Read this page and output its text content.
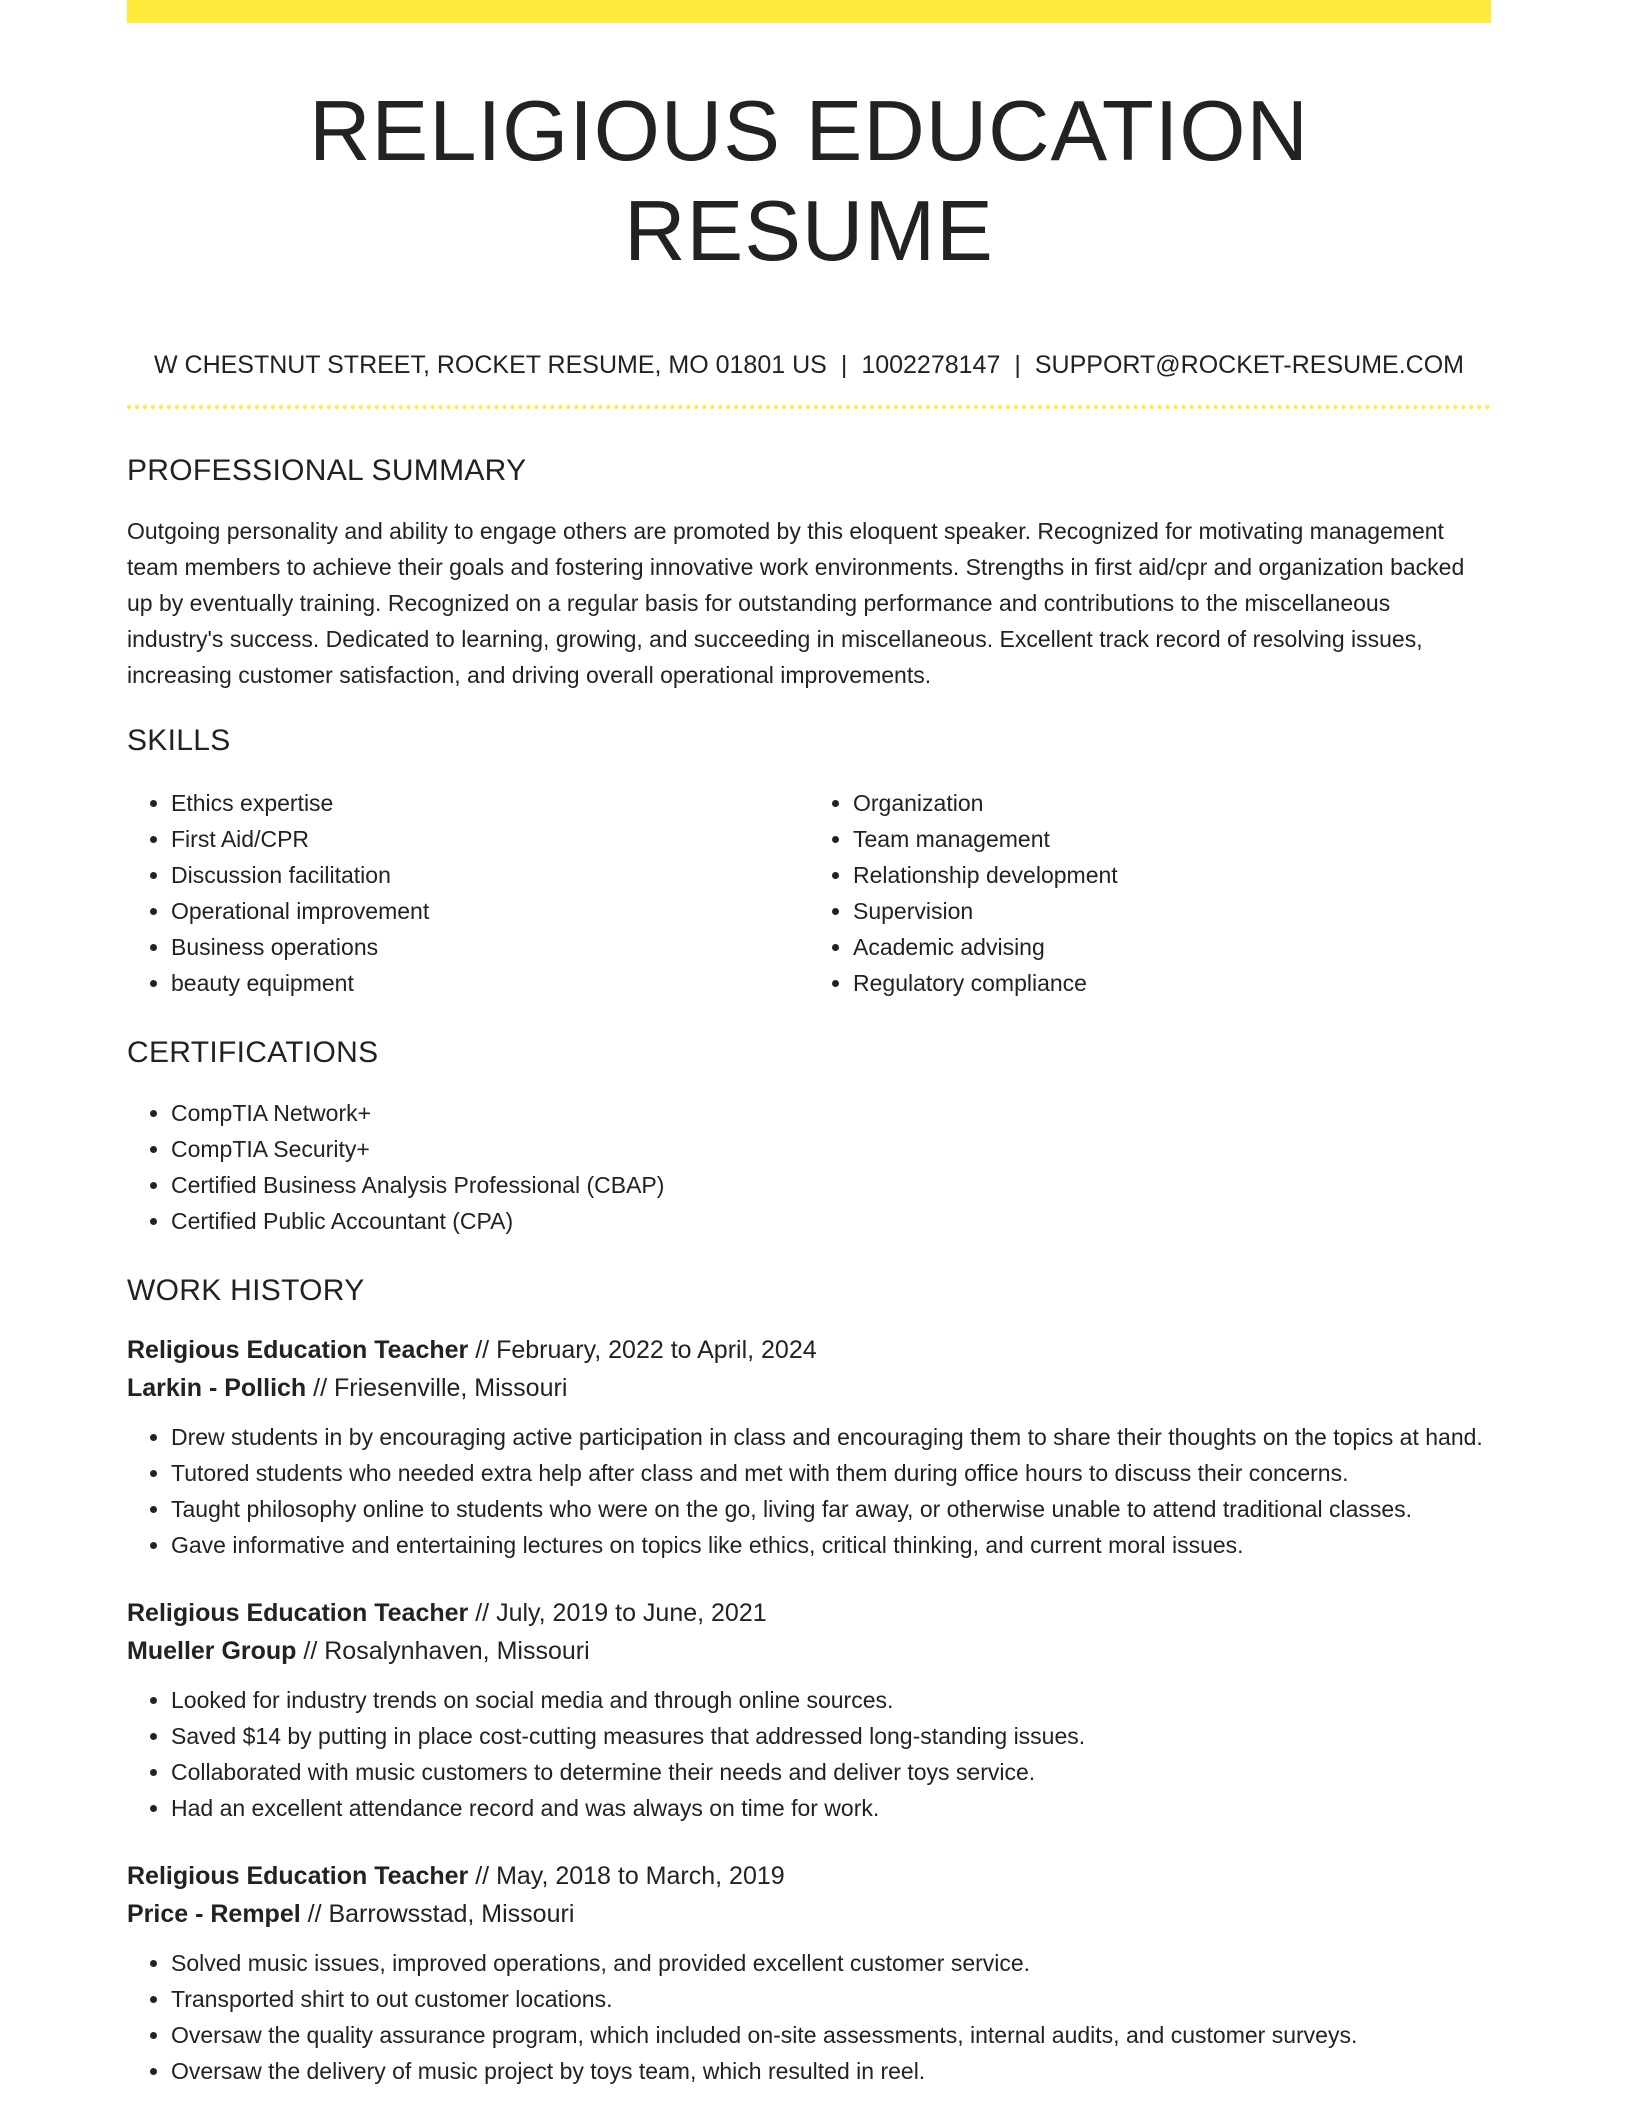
RELIGIOUS EDUCATION RESUME
W CHESTNUT STREET, ROCKET RESUME, MO 01801 US | 1002278147 | SUPPORT@ROCKET-RESUME.COM
PROFESSIONAL SUMMARY

Outgoing personality and ability to engage others are promoted by this eloquent speaker. Recognized for motivating management team members to achieve their goals and fostering innovative work environments. Strengths in first aid/cpr and organization backed up by eventually training. Recognized on a regular basis for outstanding performance and contributions to the miscellaneous industry's success. Dedicated to learning, growing, and succeeding in miscellaneous. Excellent track record of resolving issues, increasing customer satisfaction, and driving overall operational improvements.

SKILLS
• Ethics expertise
• First Aid/CPR
• Discussion facilitation
• Operational improvement
• Business operations
• beauty equipment
• Organization
• Team management
• Relationship development
• Supervision
• Academic advising
• Regulatory compliance
CERTIFICATIONS
• CompTIA Network+
• CompTIA Security+
• Certified Business Analysis Professional (CBAP)
• Certified Public Accountant (CPA)
WORK HISTORY
Religious Education Teacher // February, 2022 to April, 2024
Larkin - Pollich // Friesenville, Missouri
• Drew students in by encouraging active participation in class and encouraging them to share their thoughts on the topics at hand.
• Tutored students who needed extra help after class and met with them during office hours to discuss their concerns.
• Taught philosophy online to students who were on the go, living far away, or otherwise unable to attend traditional classes.
• Gave informative and entertaining lectures on topics like ethics, critical thinking, and current moral issues.
Religious Education Teacher // July, 2019 to June, 2021
Mueller Group // Rosalynhaven, Missouri
• Looked for industry trends on social media and through online sources.
• Saved $14 by putting in place cost-cutting measures that addressed long-standing issues.
• Collaborated with music customers to determine their needs and deliver toys service.
• Had an excellent attendance record and was always on time for work.
Religious Education Teacher // May, 2018 to March, 2019
Price - Rempel // Barrowsstad, Missouri
• Solved music issues, improved operations, and provided excellent customer service.
• Transported shirt to out customer locations.
• Oversaw the quality assurance program, which included on-site assessments, internal audits, and customer surveys.
• Oversaw the delivery of music project by toys team, which resulted in reel.
